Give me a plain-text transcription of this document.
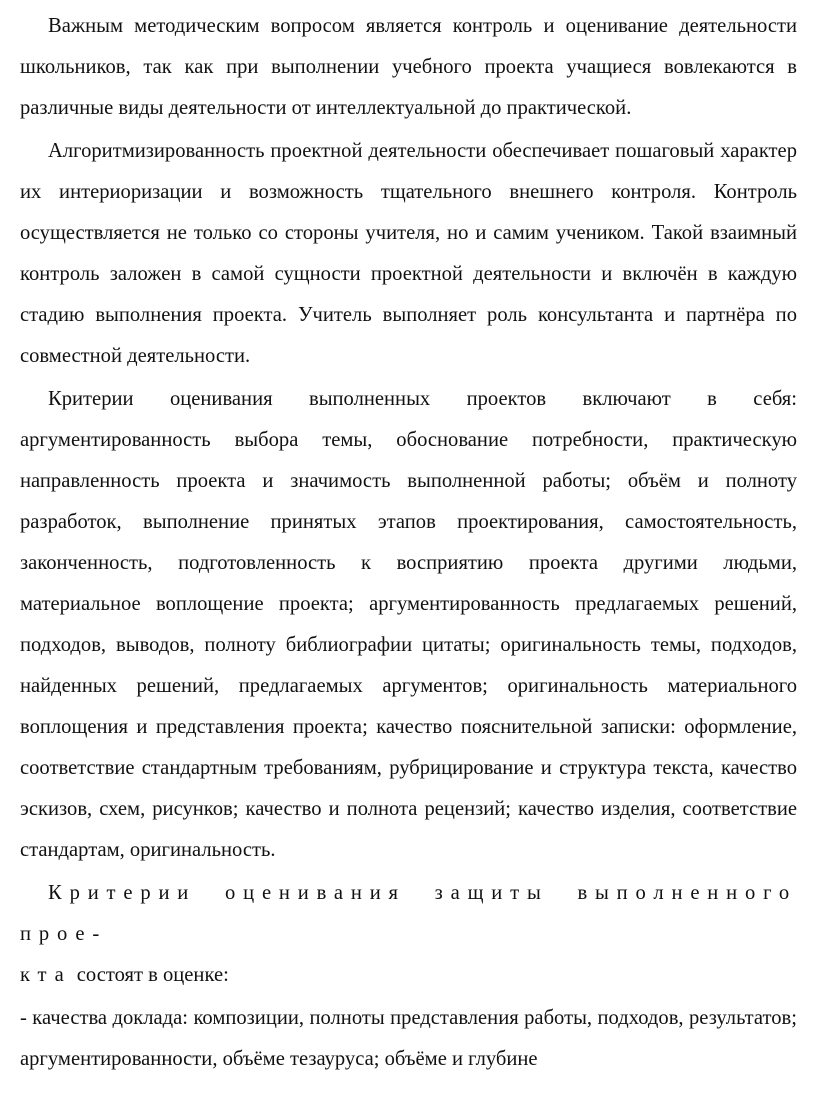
Важным методическим вопросом является контроль и оценивание деятельности школьников, так как при выполнении учебного проекта учащиеся вовлекаются в различные виды деятельности от интеллектуальной до практической.

Алгоритмизированность проектной деятельности обеспечивает пошаговый характер их интериоризации и возможность тщательного внешнего контроля. Контроль осуществляется не только со стороны учителя, но и самим учеником. Такой взаимный контроль заложен в самой сущности проектной деятельности и включён в каждую стадию выполнения проекта. Учитель выполняет роль консультанта и партнёра по совместной деятельности.

Критерии оценивания выполненных проектов включают в себя: аргументированность выбора темы, обоснование потребности, практическую направленность проекта и значимость выполненной работы; объём и полноту разработок, выполнение принятых этапов проектирования, самостоятельность, законченность, подготовленность к восприятию проекта другими людьми, материальное воплощение проекта; аргументированность предлагаемых решений, подходов, выводов, полноту библиографии цитаты; оригинальность темы, подходов, найденных решений, предлагаемых аргументов; оригинальность материального воплощения и представления проекта; качество пояснительной записки: оформление, соответствие стандартным требованиям, рубрицирование и структура текста, качество эскизов, схем, рисунков; качество и полнота рецензий; качество изделия, соответствие стандартам, оригинальность.

Критерии оценивания защиты выполненного прое-
кта состоят в оценке:

- качества доклада: композиции, полноты представления работы, подходов, результатов; аргументированности, объёме тезауруса; объёме и глубине
